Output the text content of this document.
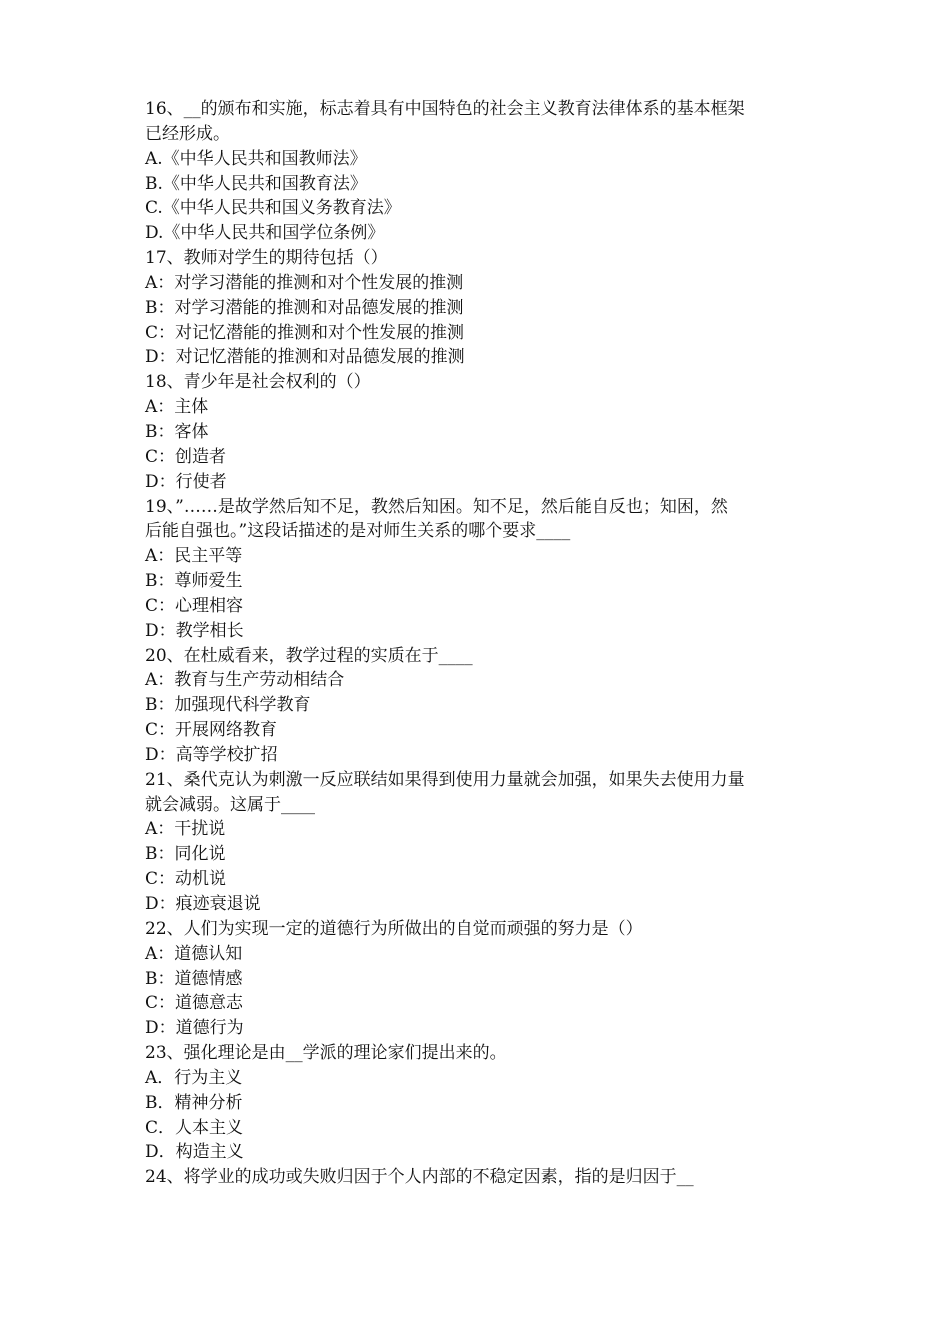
16、__的颁布和实施，标志着具有中国特色的社会主义教育法律体系的基本框架
已经形成。
A.《中华人民共和国教师法》
B.《中华人民共和国教育法》
C.《中华人民共和国义务教育法》
D.《中华人民共和国学位条例》
17、教师对学生的期待包括（）
A：对学习潜能的推测和对个性发展的推测
B：对学习潜能的推测和对品德发展的推测
C：对记忆潜能的推测和对个性发展的推测
D：对记忆潜能的推测和对品德发展的推测
18、青少年是社会权利的（）
A：主体
B：客体
C：创造者
D：行使者
19、”……是故学然后知不足，教然后知困。知不足，然后能自反也；知困，然
后能自强也。”这段话描述的是对师生关系的哪个要求____
A：民主平等
B：尊师爱生
C：心理相容
D：教学相长
20、在杜威看来，教学过程的实质在于____
A：教育与生产劳动相结合
B：加强现代科学教育
C：开展网络教育
D：高等学校扩招
21、桑代克认为刺激一反应联结如果得到使用力量就会加强，如果失去使用力量
就会减弱。这属于____
A：干扰说
B：同化说
C：动机说
D：痕迹衰退说
22、人们为实现一定的道德行为所做出的自觉而顽强的努力是（）
A：道德认知
B：道德情感
C：道德意志
D：道德行为
23、强化理论是由__学派的理论家们提出来的。
A．行为主义
B．精神分析
C．人本主义
D．构造主义
24、将学业的成功或失败归因于个人内部的不稳定因素，指的是归因于__
